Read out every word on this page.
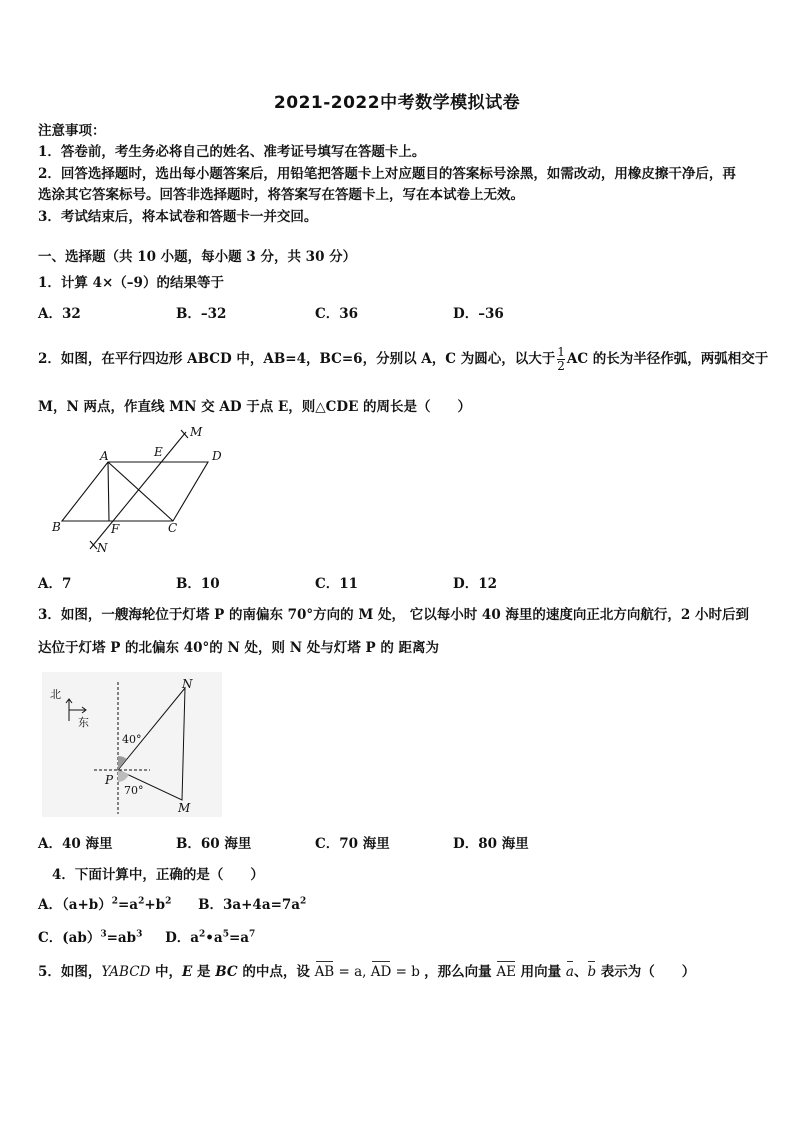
2021-2022中考数学模拟试卷
注意事项：
1．答卷前，考生务必将自己的姓名、准考证号填写在答题卡上。
2．回答选择题时，选出每小题答案后，用铅笔把答题卡上对应题目的答案标号涂黑，如需改动，用橡皮擦干净后，再
选涂其它答案标号。回答非选择题时，将答案写在答题卡上，写在本试卷上无效。
3．考试结束后，将本试卷和答题卡一并交回。
一、选择题（共 10 小题，每小题 3 分，共 30 分）
1．计算 4×（–9）的结果等于
A．32	B．–32	C．36	D．–36
2．如图，在平行四边形 ABCD 中，AB=4，BC=6，分别以 A，C 为圆心，以大于 $\frac{1}{2}$ AC 的长为半径作弧，两弧相交于
M，N 两点，作直线 MN 交 AD 于点 E，则△CDE 的周长是（　　）
A	E	D
M
B	F	C
N
A．7	B．10	C．11	D．12
3．如图，一艘海轮位于灯塔 P 的南偏东 70°方向的 M 处， 它以每小时 40 海里的速度向正北方向航行，2 小时后到
达位于灯塔 P 的北偏东 40°的 N 处，则 N 处与灯塔 P 的 距离为
北
东
40°
70°
N
P
M
A．40 海里	B．60 海里	C．70 海里	D．80 海里
4．下面计算中，正确的是（　　）
A．$(a+b)^2=a^2+b^2$ B．$3a+4a=7a^2$
C．$(ab)^3=ab^3$ D．$a^2•a^5=a^7$
5．如图，YABCD 中，E 是 BC 的中点，设 AB = a, AD = b ，那么向量 AE 用向量 a、b 表示为（　　）
